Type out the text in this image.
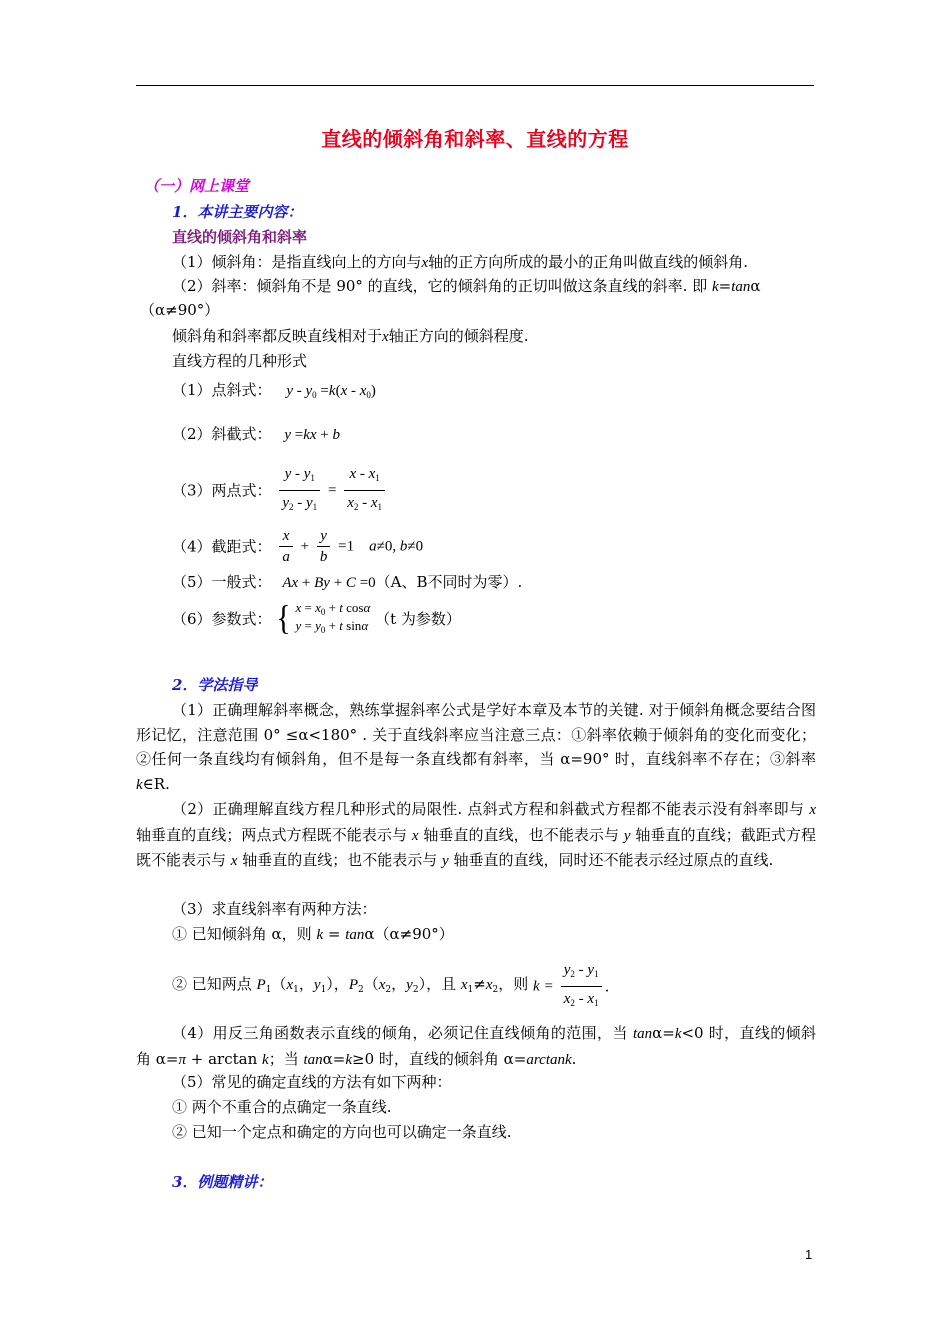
直线的倾斜角和斜率、直线的方程
（一）网上课堂
1．本讲主要内容：
直线的倾斜角和斜率
（1）倾斜角：是指直线向上的方向与x轴的正方向所成的最小的正角叫做直线的倾斜角.
（2）斜率：倾斜角不是 90° 的直线，它的倾斜角的正切叫做这条直线的斜率. 即 k=tanα
（α≠90°）
倾斜角和斜率都反映直线相对于x轴正方向的倾斜程度.
直线方程的几种形式
（1）点斜式： $y - y_0 =k(x - x_0)$
（2）斜截式： y =kx + b
（3）两点式： $\frac{y - y_1}{y_2 - y_1} = \frac{x - x_1}{x_2 - x_1}$
（4）截距式： $\frac{x}{a} + \frac{y}{b} =1$    a≠0, b≠0
（5）一般式： Ax + By + C =0（A、B不同时为零）.
（6）参数式： { $x = x_0 + t$ cosα
$y = y_0 + t$ sinα （t 为参数）
2．学法指导
（1）正确理解斜率概念，熟练掌握斜率公式是学好本章及本节的关键. 对于倾斜角概念要结合图形记忆，注意范围 0° ≤α<180° . 关于直线斜率应当注意三点：①斜率依赖于倾斜角的变化而变化；②任何一条直线均有倾斜角，但不是每一条直线都有斜率，当 α=90° 时，直线斜率不存在；③斜率 k∈R.
（2）正确理解直线方程几种形式的局限性. 点斜式方程和斜截式方程都不能表示没有斜率即与 x 轴垂直的直线；两点式方程既不能表示与 x 轴垂直的直线，也不能表示与 y 轴垂直的直线；截距式方程既不能表示与 x 轴垂直的直线；也不能表示与 y 轴垂直的直线，同时还不能表示经过原点的直线.
（3）求直线斜率有两种方法：
① 已知倾斜角 α，则 k = tanα（α≠90°）
② 已知两点 $P_1(x_1$，$y_1$），$P_2(x_2$，$y_2$），且 $x_1\ne x_2$，则 $k = \frac{y_2 - y_1}{x_2 - x_1}$ .
（4）用反三角函数表示直线的倾角，必须记住直线倾角的范围，当 tanα=k<0 时，直线的倾斜角 α=π + arctan k；当 tanα=k≥0 时，直线的倾斜角 α=arctank.
（5）常见的确定直线的方法有如下两种：
① 两个不重合的点确定一条直线.
② 已知一个定点和确定的方向也可以确定一条直线.
3．例题精讲：
1
